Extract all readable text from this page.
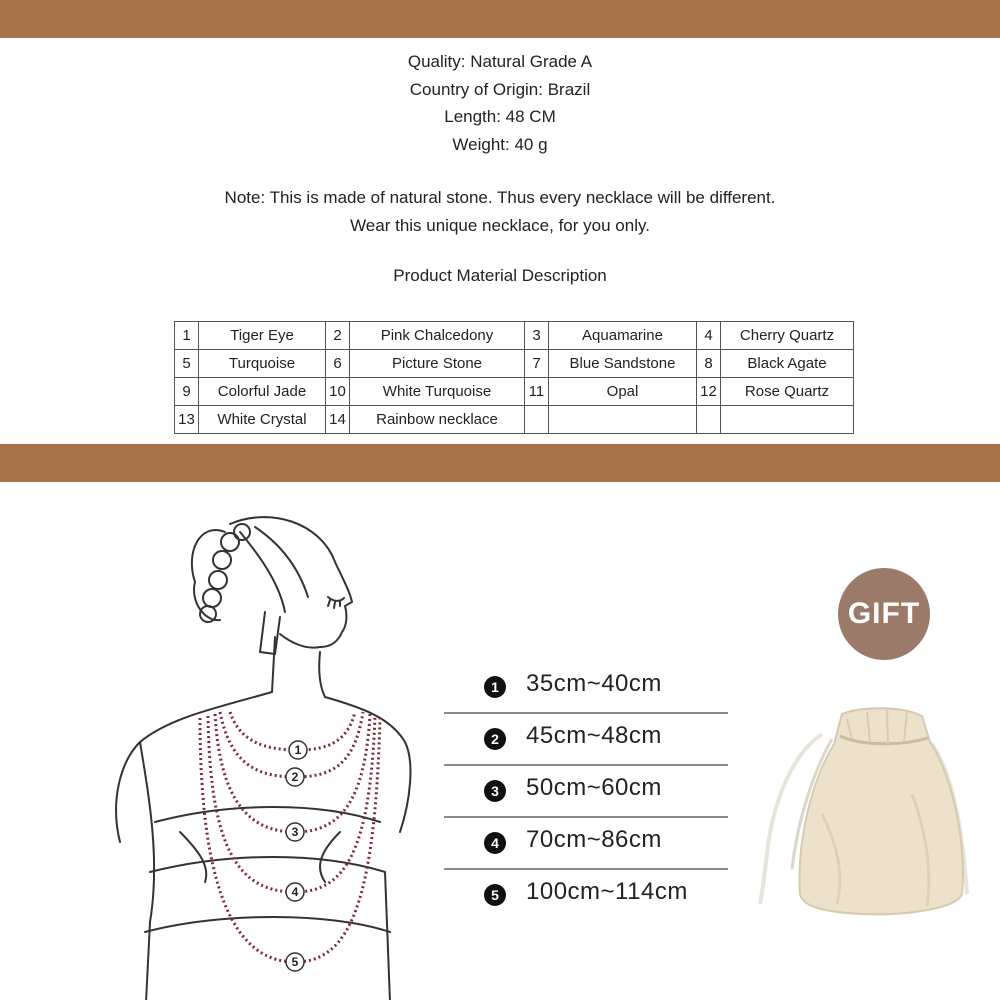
Quality: Natural Grade A
Country of Origin: Brazil
Length: 48 CM
Weight: 40 g
Note: This is made of natural stone. Thus every necklace will be different.
Wear this unique necklace, for you only.
Product Material Description
1	Tiger Eye	2	Pink Chalcedony	3	Aquamarine	4	Cherry Quartz
5	Turquoise	6	Picture Stone	7	Blue Sandstone	8	Black Agate
9	Colorful Jade	10	White Turquoise	11	Opal	12	Rose Quartz
13	White Crystal	14	Rainbow necklace				
1
2
3
4
5
1 35cm~40cm
2 45cm~48cm
3 50cm~60cm
4 70cm~86cm
5 100cm~114cm
GIFT
